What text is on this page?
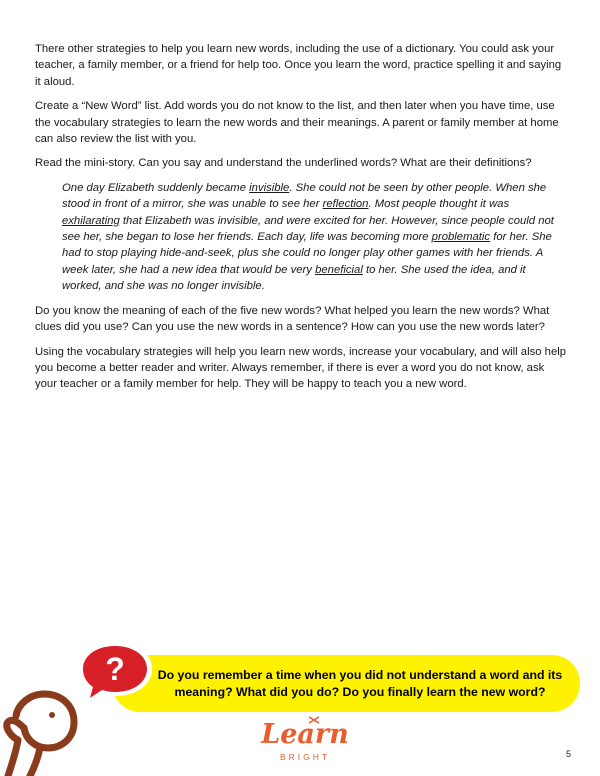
There other strategies to help you learn new words, including the use of a dictionary. You could ask your teacher, a family member, or a friend for help too. Once you learn the word, practice spelling it and saying it aloud.

Create a “New Word” list. Add words you do not know to the list, and then later when you have time, use the vocabulary strategies to learn the new words and their meanings. A parent or family member at home can also review the list with you.

Read the mini-story. Can you say and understand the underlined words? What are their definitions?

One day Elizabeth suddenly became invisible. She could not be seen by other people. When she stood in front of a mirror, she was unable to see her reflection. Most people thought it was exhilarating that Elizabeth was invisible, and were excited for her. However, since people could not see her, she began to lose her friends. Each day, life was becoming more problematic for her. She had to stop playing hide-and-seek, plus she could no longer play other games with her friends. A week later, she had a new idea that would be very beneficial to her. She used the idea, and it worked, and she was no longer invisible.

Do you know the meaning of each of the five new words? What helped you learn the new words? What clues did you use? Can you use the new words in a sentence? How can you use the new words later?

Using the vocabulary strategies will help you learn new words, increase your vocabulary, and will also help you become a better reader and writer. Always remember, if there is ever a word you do not know, ask your teacher or a family member for help. They will be happy to teach you a new word.

Do you remember a time when you did not understand a word and its meaning? What did you do? Do you finally learn the new word?
?
Learn
BRIGHT	5
